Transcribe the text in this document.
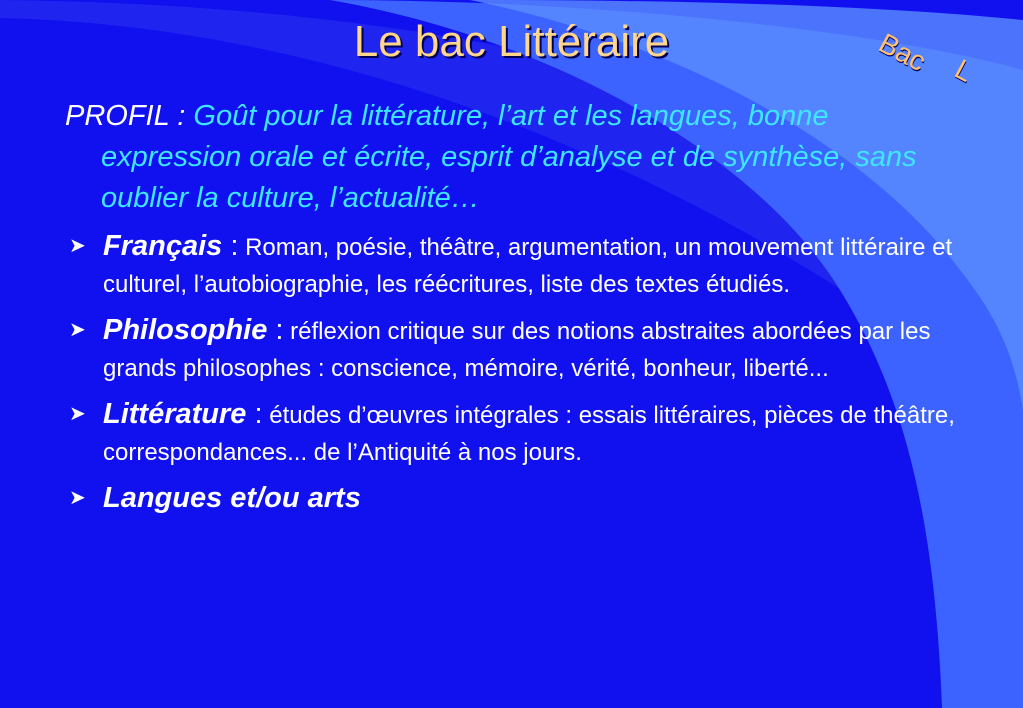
Le bac Littéraire	Bac L

PROFIL : Goût pour la littérature, l’art et les langues, bonne expression orale et écrite, esprit d’analyse et de synthèse, sans oublier la culture, l’actualité…

➤ Français : Roman, poésie, théâtre, argumentation, un mouvement littéraire et culturel, l’autobiographie, les réécritures, liste des textes étudiés.
➤ Philosophie : réflexion critique sur des notions abstraites abordées par les grands philosophes : conscience, mémoire, vérité, bonheur, liberté...
➤ Littérature : études d’œuvres intégrales : essais littéraires, pièces de théâtre, correspondances... de l’Antiquité à nos jours.
➤ Langues et/ou arts
